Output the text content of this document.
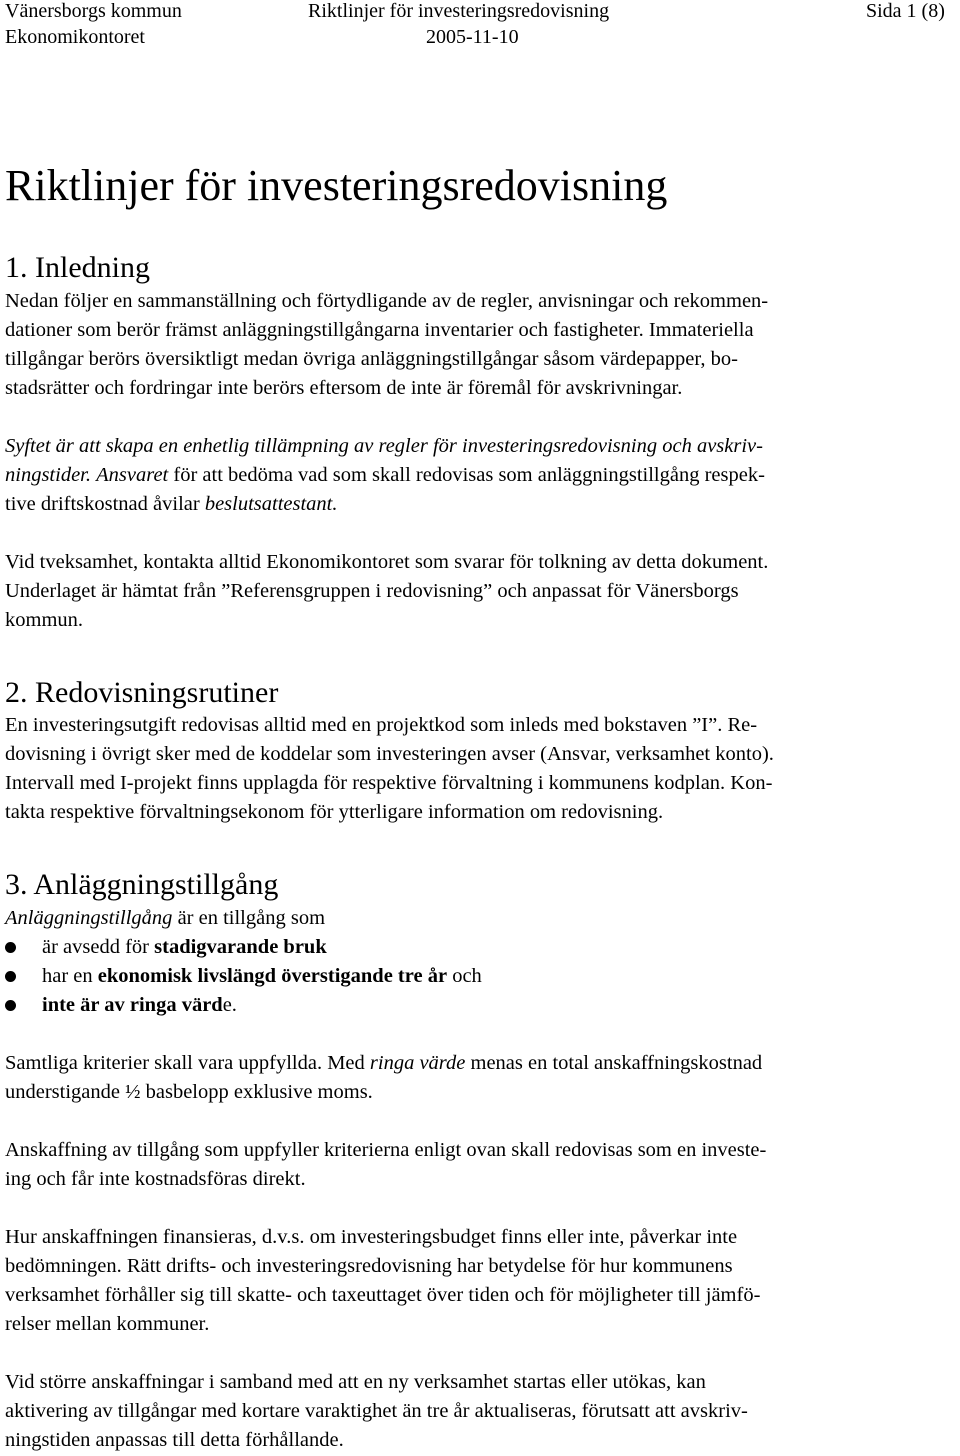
Vänersborgs kommun
Ekonomikontoret
Riktlinjer för investeringsredovisning
2005-11-10
Sida 1 (8)
Riktlinjer för investeringsredovisning
1. Inledning
Nedan följer en sammanställning och förtydligande av de regler, anvisningar och rekommen-
dationer som berör främst anläggningstillgångarna inventarier och fastigheter. Immateriella
tillgångar berörs översiktligt medan övriga anläggningstillgångar såsom värdepapper, bo-
stadsrätter och fordringar inte berörs eftersom de inte är föremål för avskrivningar.
Syftet är att skapa en enhetlig tillämpning av regler för investeringsredovisning och avskriv-
ningstider. Ansvaret för att bedöma vad som skall redovisas som anläggningstillgång respek-
tive driftskostnad åvilar beslutsattestant.
Vid tveksamhet, kontakta alltid Ekonomikontoret som svarar för tolkning av detta dokument.
Underlaget är hämtat från ”Referensgruppen i redovisning” och anpassat för Vänersborgs
kommun.
2. Redovisningsrutiner
En investeringsutgift redovisas alltid med en projektkod som inleds med bokstaven ”I”. Re-
dovisning i övrigt sker med de koddelar som investeringen avser (Ansvar, verksamhet konto).
Intervall med I-projekt finns upplagda för respektive förvaltning i kommunens kodplan. Kon-
takta respektive förvaltningsekonom för ytterligare information om redovisning.
3. Anläggningstillgång
Anläggningstillgång är en tillgång som
är avsedd för stadigvarande bruk
har en ekonomisk livslängd överstigande tre år och
inte är av ringa värde.
Samtliga kriterier skall vara uppfyllda. Med ringa värde menas en total anskaffningskostnad
understigande ½ basbelopp exklusive moms.
Anskaffning av tillgång som uppfyller kriterierna enligt ovan skall redovisas som en investe-
ing och får inte kostnadsföras direkt.
Hur anskaffningen finansieras, d.v.s. om investeringsbudget finns eller inte, påverkar inte
bedömningen. Rätt drifts- och investeringsredovisning har betydelse för hur kommunens
verksamhet förhåller sig till skatte- och taxeuttaget över tiden och för möjligheter till jämfö-
relser mellan kommuner.
Vid större anskaffningar i samband med att en ny verksamhet startas eller utökas, kan
aktivering av tillgångar med kortare varaktighet än tre år aktualiseras, förutsatt att avskriv-
ningstiden anpassas till detta förhållande.
